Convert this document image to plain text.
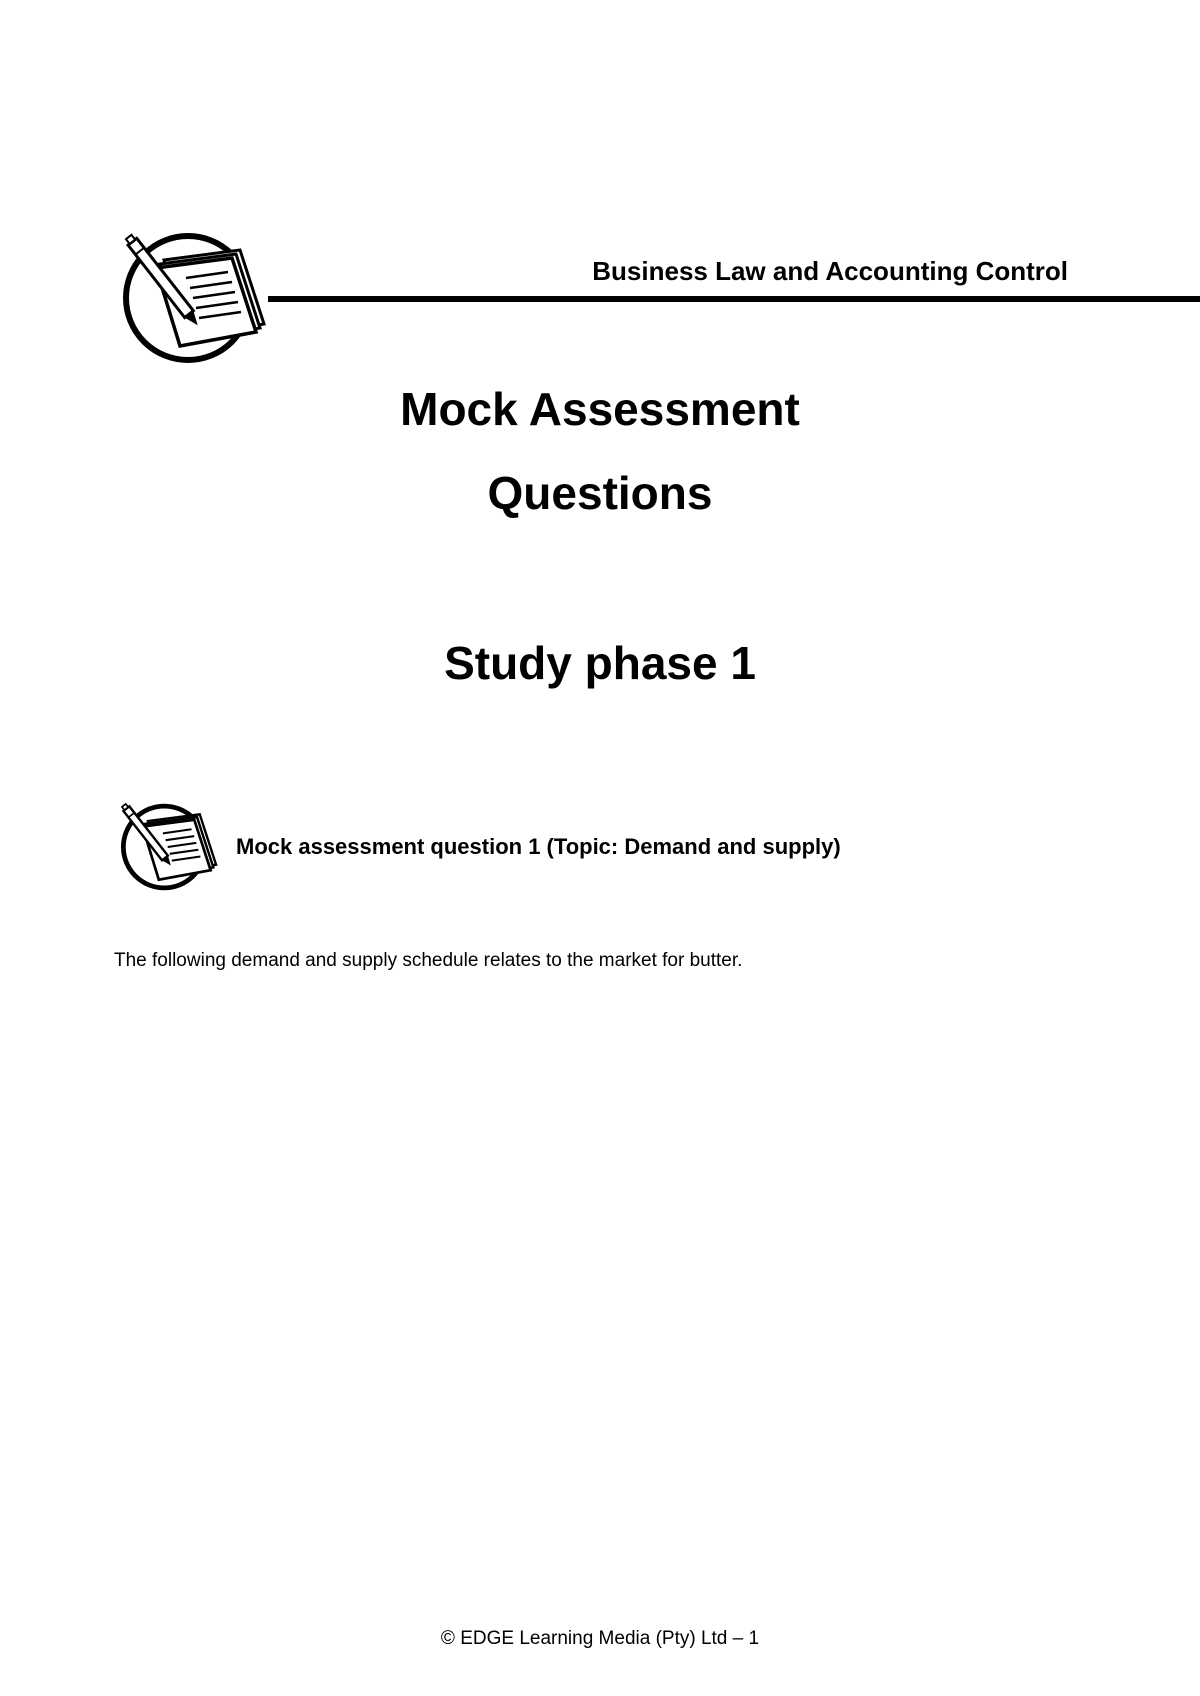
Business Law and Accounting Control
Mock Assessment
Questions
Study phase 1
Mock assessment question 1 (Topic: Demand and supply)
The following demand and supply schedule relates to the market for butter.
© EDGE Learning Media (Pty) Ltd – 1
